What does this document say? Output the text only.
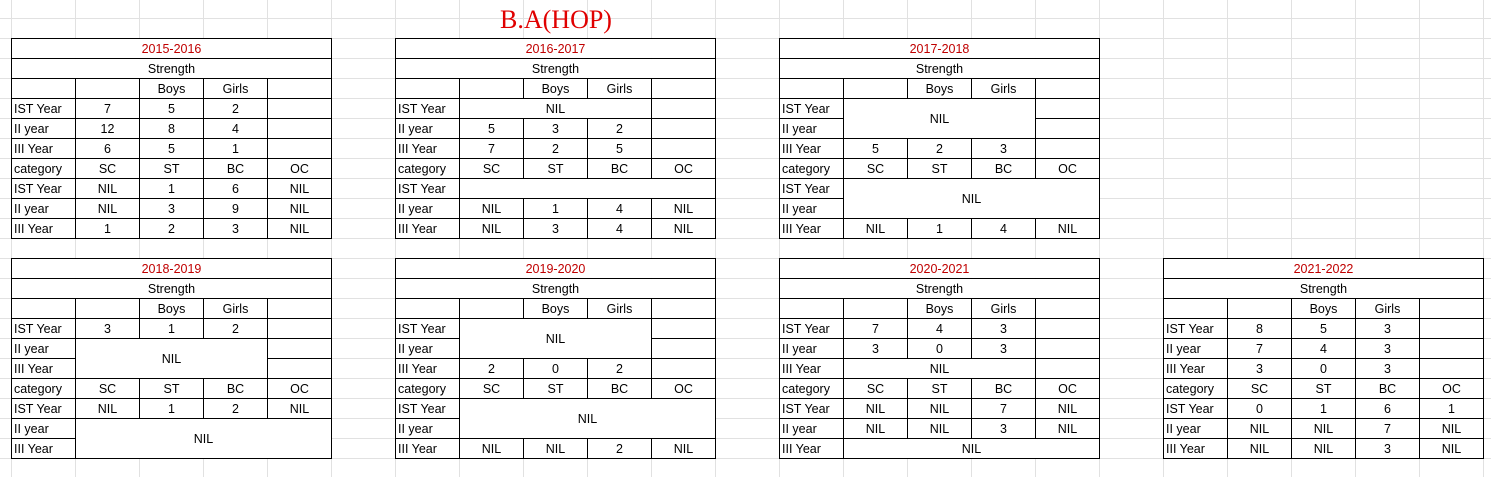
B.A(HOP)
2015-2016				
Strength				
		Boys	Girls	
IST Year	7	5	2	
II year	12	8	4	
III Year	6	5	1	
category	SC	ST	BC	OC
IST Year	NIL	1	6	NIL
II year	NIL	3	9	NIL
III Year	1	2	3	NIL
2016-2017				
Strength				
		Boys	Girls	
IST Year	NIL			
II year	5	3	2	
III Year	7	2	5	
category	SC	ST	BC	OC
IST Year				
II year	NIL	1	4	NIL
III Year	NIL	3	4	NIL
2017-2018				
Strength				
		Boys	Girls	
IST Year	NIL			
II year				
III Year	5	2	3	
category	SC	ST	BC	OC
IST Year	NIL			
II year				
III Year	NIL	1	4	NIL
2018-2019				
Strength				
		Boys	Girls	
IST Year	3	1	2	
II year	NIL			
III Year				
category	SC	ST	BC	OC
IST Year	NIL	1	2	NIL
II year	NIL			
III Year				
2019-2020				
Strength				
		Boys	Girls	
IST Year	NIL			
II year				
III Year	2	0	2	
category	SC	ST	BC	OC
IST Year	NIL			
II year				
III Year	NIL	NIL	2	NIL
2020-2021				
Strength				
		Boys	Girls	
IST Year	7	4	3	
II year	3	0	3	
III Year	NIL			
category	SC	ST	BC	OC
IST Year	NIL	NIL	7	NIL
II year	NIL	NIL	3	NIL
III Year	NIL			
2021-2022				
Strength				
		Boys	Girls	
IST Year	8	5	3	
II year	7	4	3	
III Year	3	0	3	
category	SC	ST	BC	OC
IST Year	0	1	6	1
II year	NIL	NIL	7	NIL
III Year	NIL	NIL	3	NIL
